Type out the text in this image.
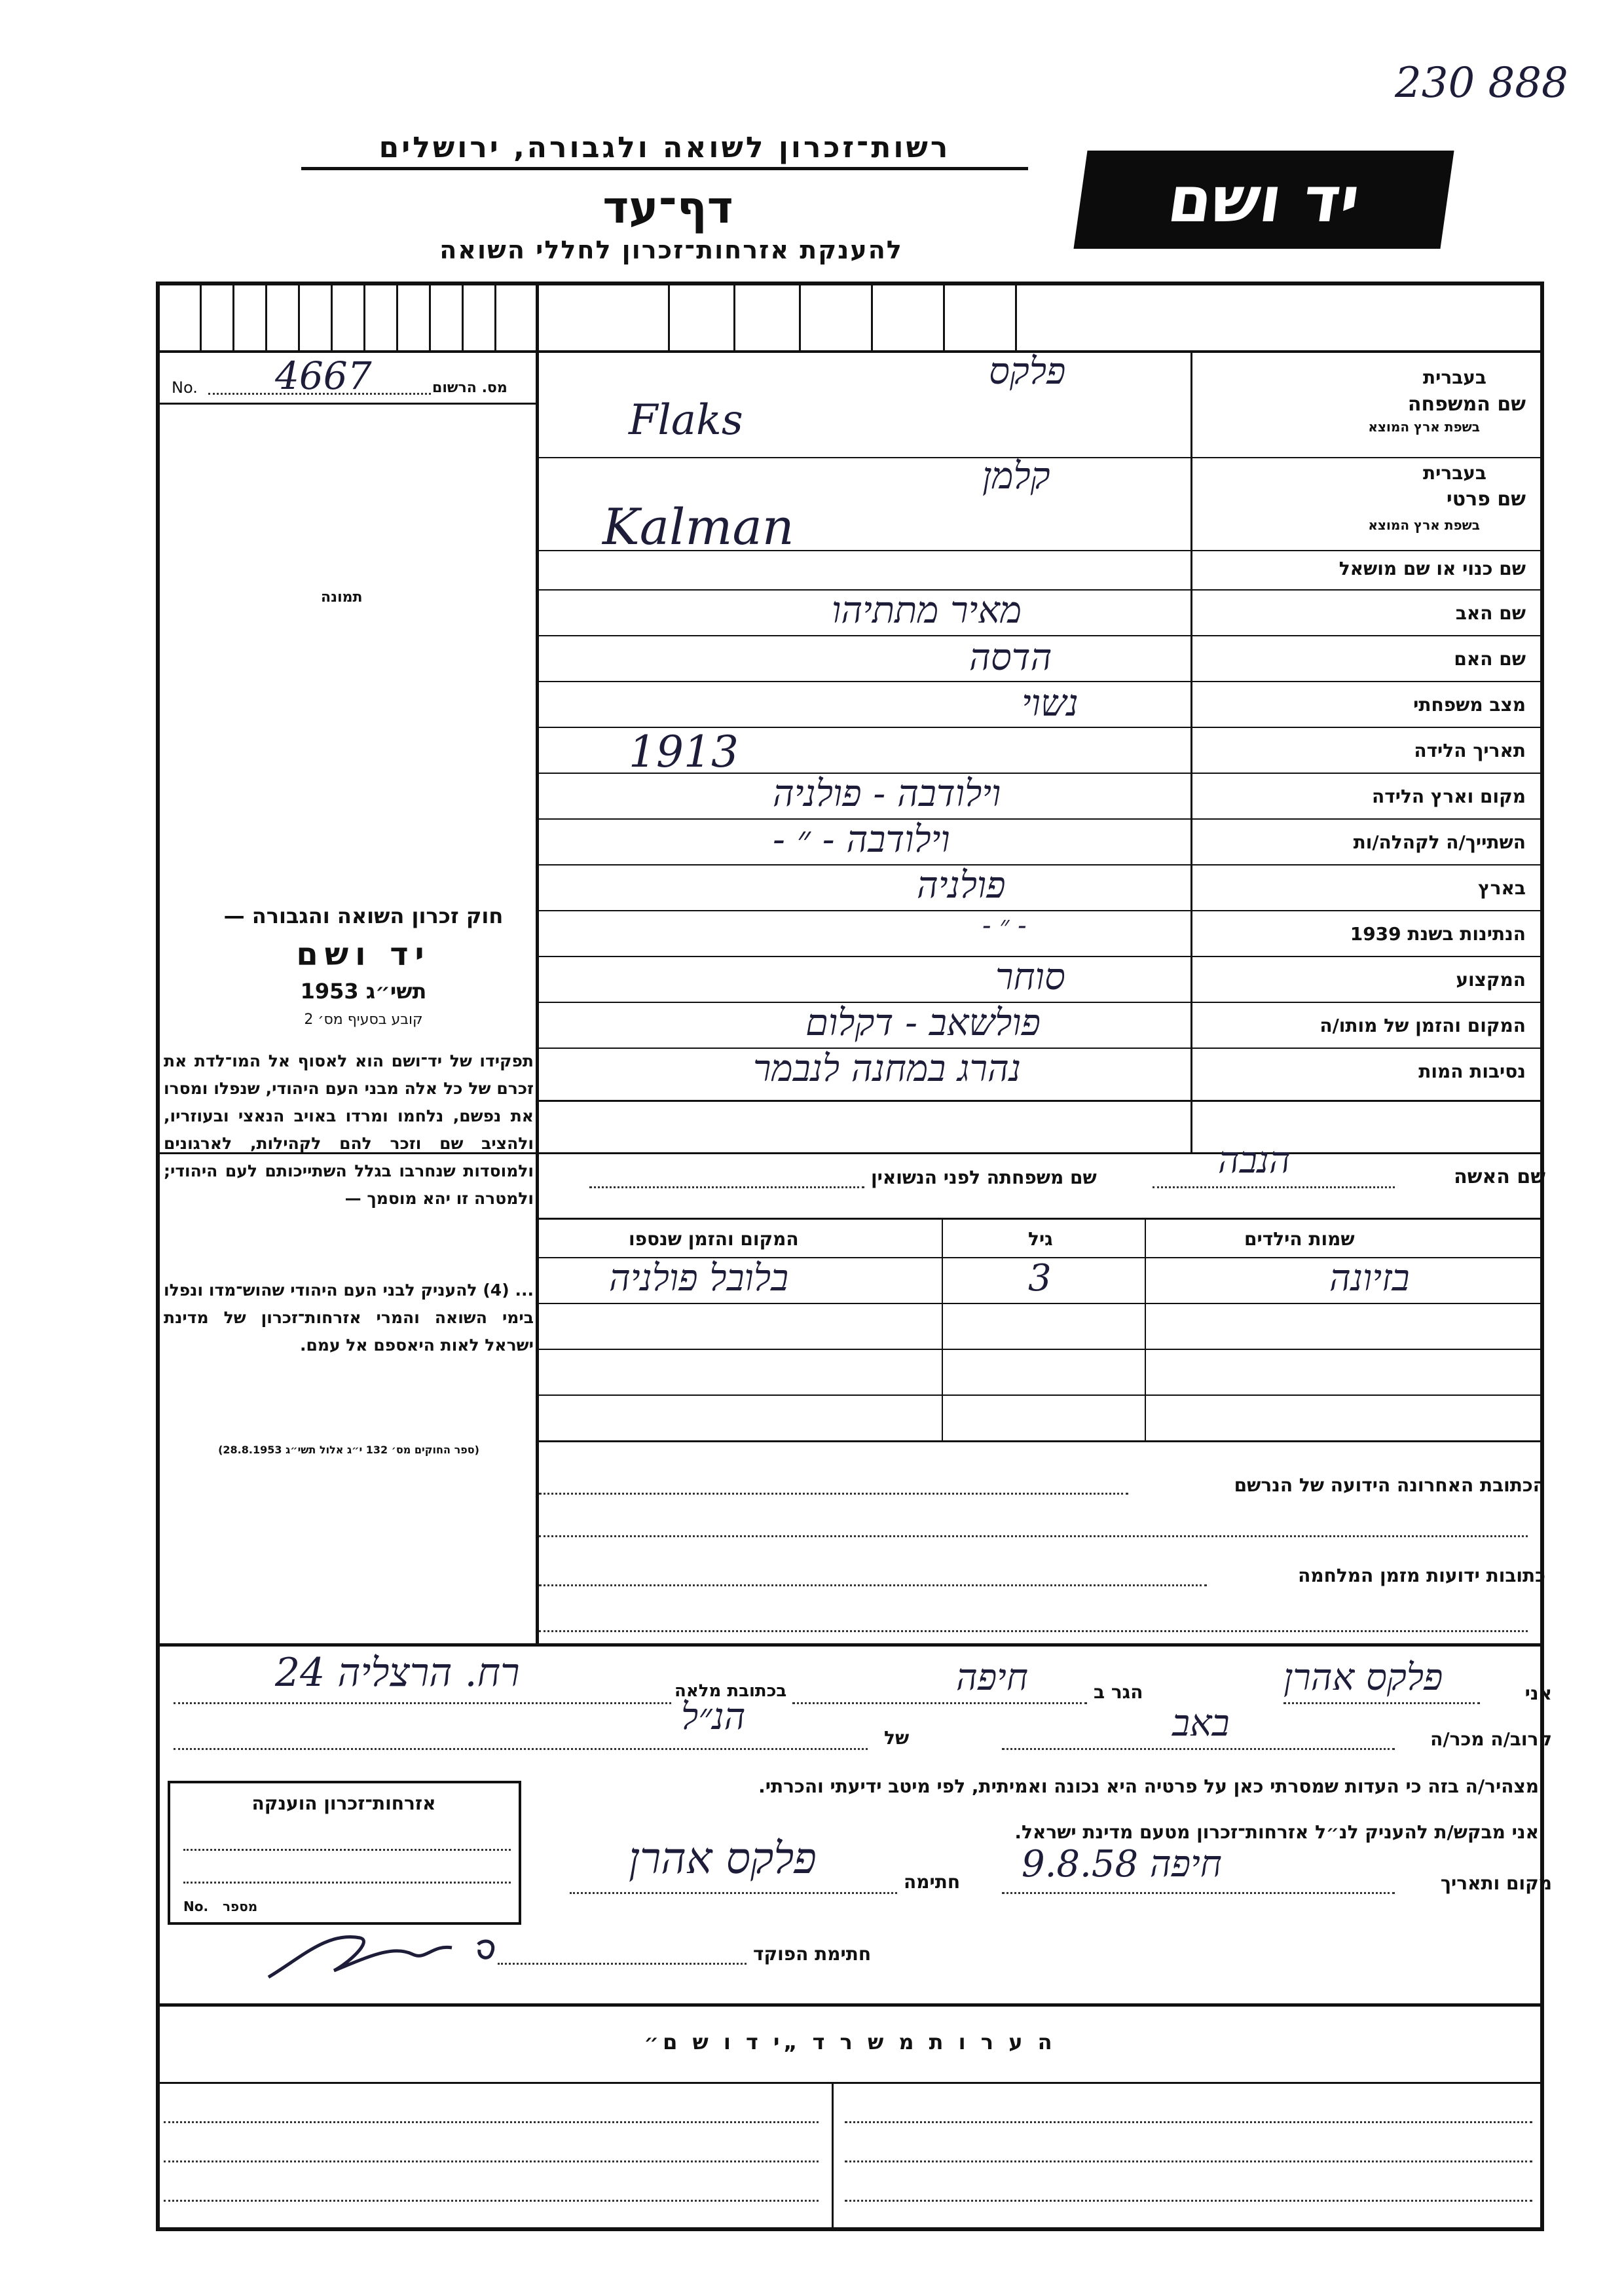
230 888
רשות־זכרון לשואה ולגבורה, ירושלים
דף־עד
להענקת אזרחות־זכרון לחללי השואה
יד ושם
No. 4667	מס. הרשום
תמונה
בעברית
שם המשפחה
בשפת ארץ המוצא
פלקס
Flaks
בעברית
שם פרטי
בשפת ארץ המוצא
קלמן
Kalman
שם כנוי או שם מושאל
שם האב
מאיר מתתיהו
שם האם
הדסה
מצב משפחתי
נשוי
תאריך הלידה
1913
מקום וארץ הלידה
וילודבה - פולניה
השתייך/ה לקהלה/ות
וילודבה - ״ -
בארץ
פולניה
הנתינות בשנת 1939
- ״ -
המקצוע
סוחר
המקום והזמן של מותו/ה
פולשאב - דקלום
נסיבות המות
נהרג במחנה לנבמר
שם האשה
הנבה
שם משפחתה לפני הנשואין
שמות הילדים
גיל
המקום והזמן שנספו
בזיונה
3
בלובל פולניה
הכתובת האחרונה הידועה של הנרשם
כתובות ידועות מזמן המלחמה
חוק זכרון השואה והגבורה —
יד ושם
תשי״ג 1953
קובע בסעיף מס׳ 2
תפקידו של יד־ושם הוא לאסוף אל המו־לדת את זכרם של כל אלה מבני העם היהודי, שנפלו ומסרו את נפשם, נלחמו ומרדו באויב הנאצי ובעוזריו, ולהציב שם וזכר להם לקהילות, לארגונים ולמוסדות שנחרבו בגלל השתייכותם לעם היהודי; ולמטרה זו יהא מוסמך —
... (4) להעניק לבני העם היהודי שהוש־מדו ונפלו בימי השואה והמרי אזרחות־זכרון של מדינת ישראל לאות היאספם אל עמם.
(ספר החוקים מס׳ 132 י״ג אלול תשי״ג 28.8.1953)
אני
פלקס אהרן
הגר ב
חיפה
בכתובת מלאה
רח. הרצליה 24
קרוב/ה מכר/ה
באב
של
הנ״ל
מצהיר/ה בזה כי העדות שמסרתי כאן על פרטיה היא נכונה ואמיתית, לפי מיטב ידיעתי והכרתי.
אני מבקש/ת להעניק לנ״ל אזרחות־זכרון מטעם מדינת ישראל.
מקום ותאריך
חיפה 9.8.58
חתימה
פלקס אהרן
חתימת הפוקד
אזרחות־זכרון הוענקה
No. מספר
ה ע ר ו ת מ ש ר ד „י ד ו ש ם״
